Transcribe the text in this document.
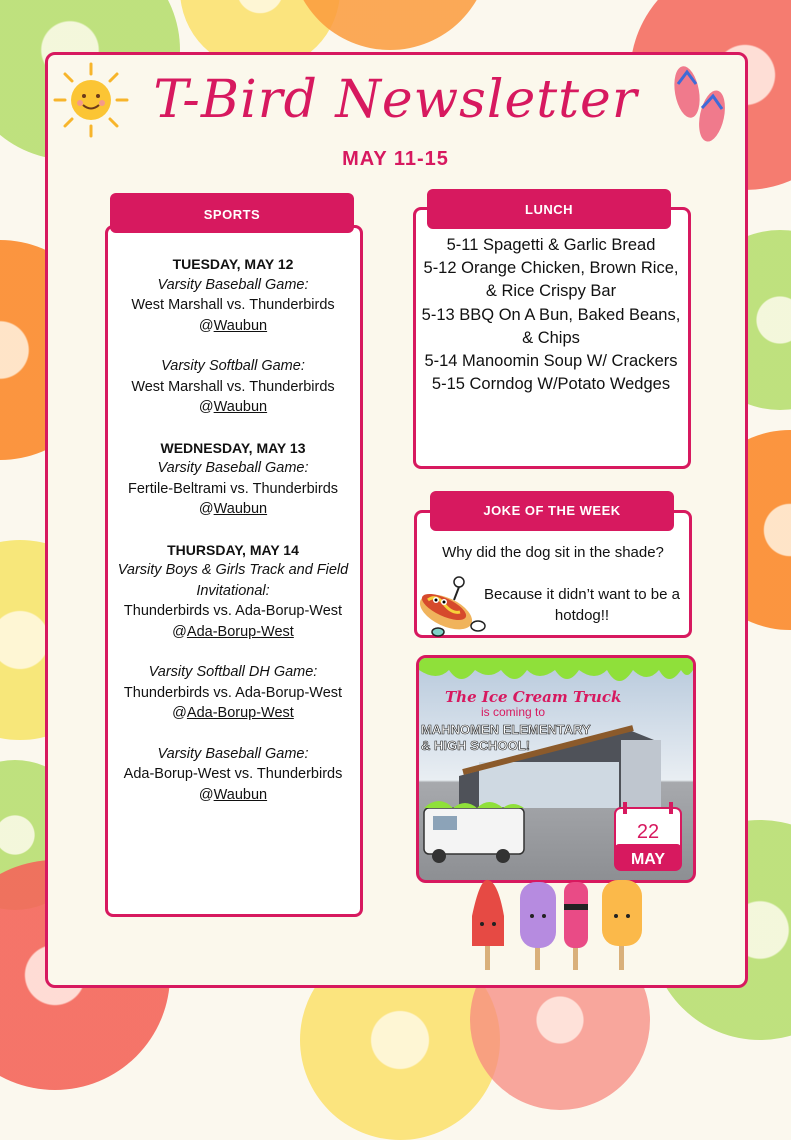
T-Bird Newsletter
MAY 11-15
SPORTS
TUESDAY, MAY 12
Varsity Baseball Game:
West Marshall vs. Thunderbirds
@Waubun
Varsity Softball Game:
West Marshall vs. Thunderbirds
@Waubun
WEDNESDAY, MAY 13
Varsity Baseball Game:
Fertile-Beltrami vs. Thunderbirds
@Waubun
THURSDAY, MAY 14
Varsity Boys & Girls Track and Field Invitational:
Thunderbirds vs. Ada-Borup-West
@Ada-Borup-West
Varsity Softball DH Game:
Thunderbirds vs. Ada-Borup-West
@Ada-Borup-West
Varsity Baseball Game:
Ada-Borup-West vs. Thunderbirds
@Waubun
LUNCH
5-11 Spagetti & Garlic Bread
5-12 Orange Chicken, Brown Rice, & Rice Crispy Bar
5-13 BBQ On A Bun, Baked Beans, & Chips
5-14 Manoomin Soup W/ Crackers
5-15 Corndog W/Potato Wedges
JOKE OF THE WEEK
Why did the dog sit in the shade?
Because it didn’t want to be a hotdog!!
The Ice Cream Truck
is coming to
MAHNOMEN ELEMENTARY
& HIGH SCHOOL!
22
MAY
